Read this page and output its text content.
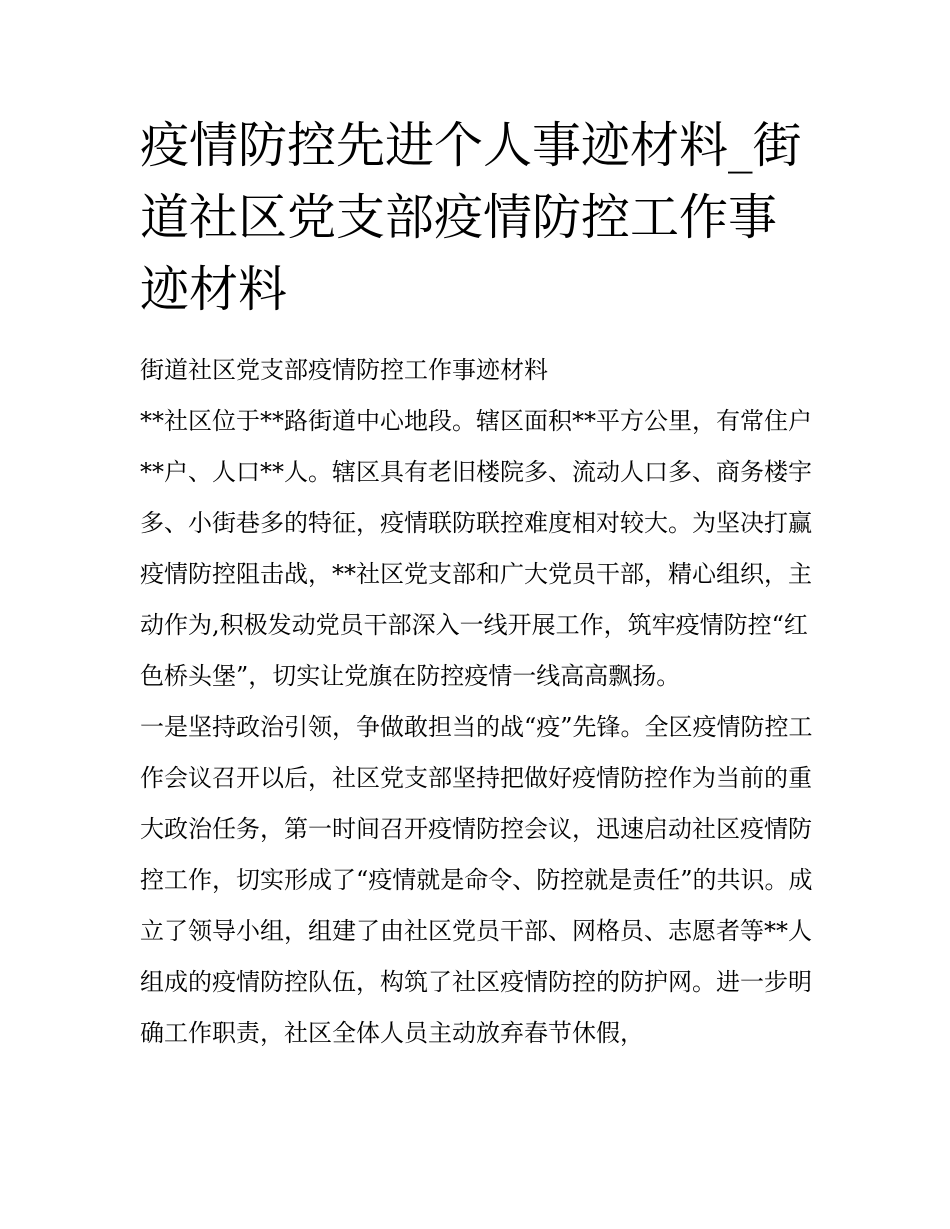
疫情防控先进个人事迹材料_街道社区党支部疫情防控工作事迹材料

街道社区党支部疫情防控工作事迹材料

**社区位于**路街道中心地段。辖区面积**平方公里，有常住户**户、人口**人。辖区具有老旧楼院多、流动人口多、商务楼宇多、小街巷多的特征，疫情联防联控难度相对较大。为坚决打赢疫情防控阻击战，**社区党支部和广大党员干部，精心组织，主动作为,积极发动党员干部深入一线开展工作，筑牢疫情防控“红

色桥头堡”，切实让党旗在防控疫情一线高高飘扬。

一是坚持政治引领，争做敢担当的战“疫”先锋。全区疫情防控工作会议召开以后，社区党支部坚持把做好疫情防控作为当前的重大政治任务，第一时间召开疫情防控会议，迅速启动社区疫情防控工作，切实形成了“疫情就是命令、防控就是责任”的共识。成立了领导小组，组建了由社区党员干部、网格员、志愿者等**人组成的疫情防控队伍，构筑了社区疫情防控的防护网。进一步明确工作职责，社区全体人员主动放弃春节休假，
